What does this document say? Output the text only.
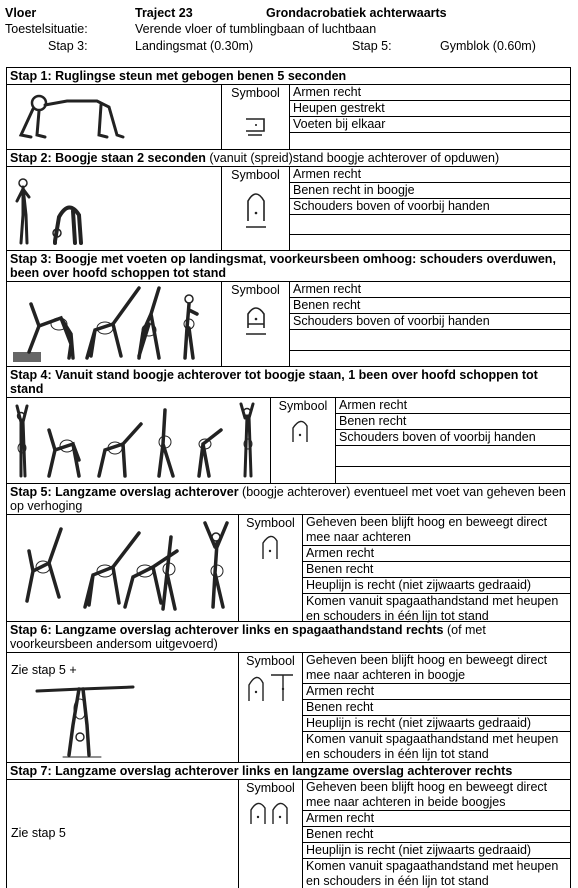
Vloer	Traject 23	Grondacrobatiek achterwaarts
Toestelsituatie:	Verende vloer of tumblingbaan of luchtbaan
Stap 3:	Landingsmat (0.30m)	Stap 5:	Gymblok (0.60m)
Stap 1: Ruglingse steun met gebogen benen 5 seconden
Symbool	Armen recht
Heupen gestrekt
Voeten bij elkaar
Stap 2: Boogje staan 2 seconden (vanuit (spreid)stand boogje achterover of opduwen)
Symbool	Armen recht
Benen recht in boogje
Schouders boven of voorbij handen
Stap 3: Boogje met voeten op landingsmat, voorkeursbeen omhoog: schouders overduwen, been over hoofd schoppen tot stand
Symbool	Armen recht
Benen recht
Schouders boven of voorbij handen
Stap 4: Vanuit stand boogje achterover tot boogje staan, 1 been over hoofd schoppen tot stand
Symbool Armen recht
Benen recht
Schouders boven of voorbij handen
Stap 5: Langzame overslag achterover (boogje achterover) eventueel met voet van geheven been op verhoging
Symbool Geheven been blijft hoog en beweegt direct mee naar achteren
Armen recht
Benen recht
Heuplijn is recht (niet zijwaarts gedraaid)
Komen vanuit spagaathandstand met heupen en schouders in één lijn tot stand
Stap 6: Langzame overslag achterover links en spagaathandstand rechts (of met voorkeursbeen andersom uitgevoerd)
Zie stap 5 +
Symbool Geheven been blijft hoog en beweegt direct mee naar achteren in boogje
Armen recht
Benen recht
Heuplijn is recht (niet zijwaarts gedraaid)
Komen vanuit spagaathandstand met heupen en schouders in één lijn tot stand
Stap 7: Langzame overslag achterover links en langzame overslag achterover rechts
Zie stap 5
Symbool Geheven been blijft hoog en beweegt direct mee naar achteren in beide boogjes
Armen recht
Benen recht
Heuplijn is recht (niet zijwaarts gedraaid)
Komen vanuit spagaathandstand met heupen en schouders in één lijn tot stand
